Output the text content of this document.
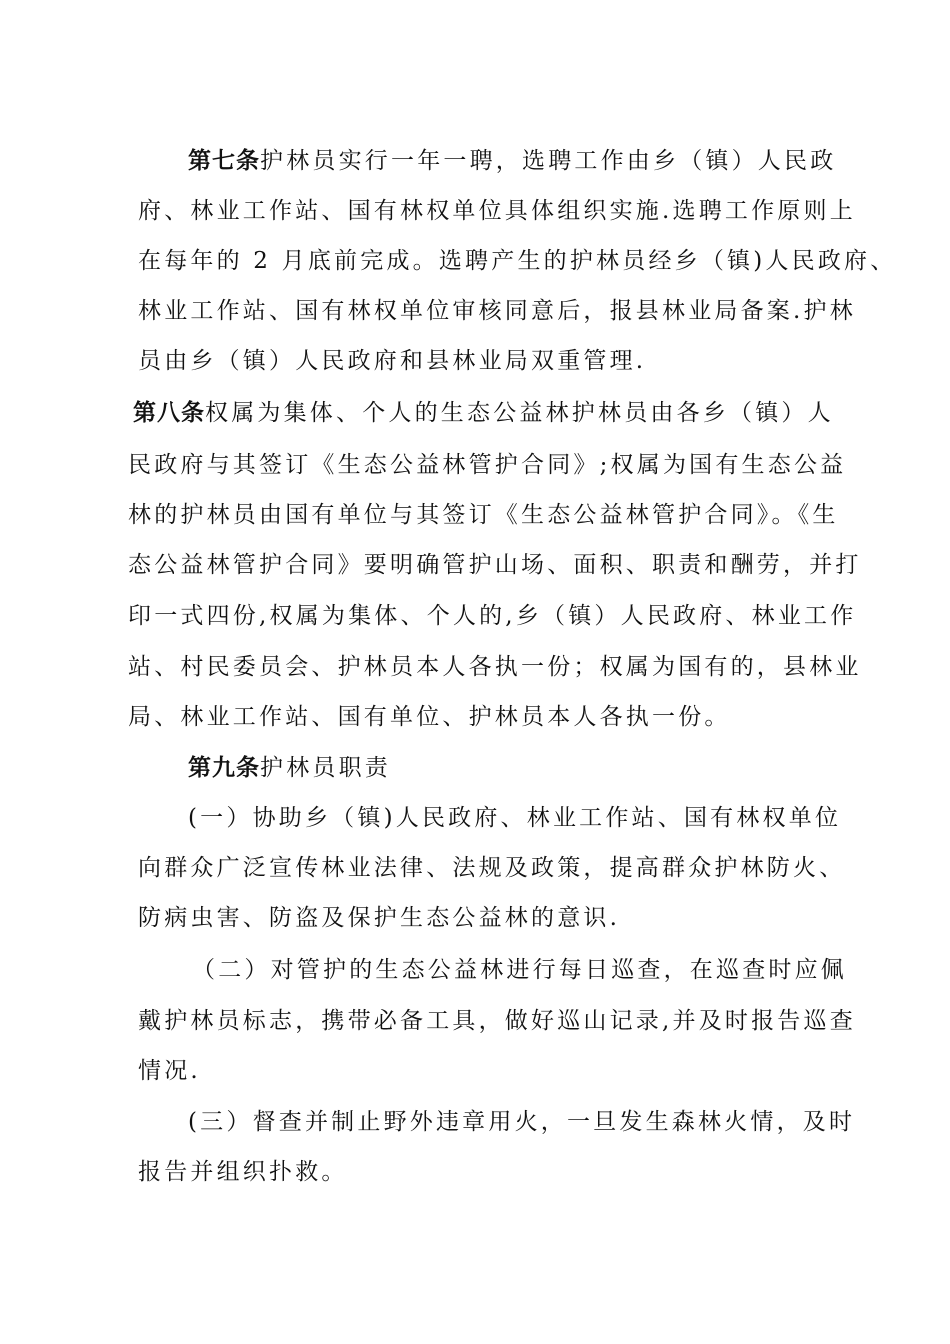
第七条护林员实行一年一聘，选聘工作由乡（镇）人民政
府、林业工作站、国有林权单位具体组织实施.选聘工作原则上
在每年的 2 月底前完成。选聘产生的护林员经乡（镇)人民政府、
林业工作站、国有林权单位审核同意后，报县林业局备案.护林
员由乡（镇）人民政府和县林业局双重管理.
第八条权属为集体、个人的生态公益林护林员由各乡（镇）人
民政府与其签订《生态公益林管护合同》;权属为国有生态公益
林的护林员由国有单位与其签订《生态公益林管护合同》。《生
态公益林管护合同》要明确管护山场、面积、职责和酬劳，并打
印一式四份,权属为集体、个人的,乡（镇）人民政府、林业工作
站、村民委员会、护林员本人各执一份；权属为国有的，县林业
局、林业工作站、国有单位、护林员本人各执一份。
第九条护林员职责
(一）协助乡（镇)人民政府、林业工作站、国有林权单位
向群众广泛宣传林业法律、法规及政策，提高群众护林防火、
防病虫害、防盗及保护生态公益林的意识.
（二）对管护的生态公益林进行每日巡查，在巡查时应佩
戴护林员标志，携带必备工具，做好巡山记录,并及时报告巡查
情况.
(三）督查并制止野外违章用火，一旦发生森林火情，及时
报告并组织扑救。
